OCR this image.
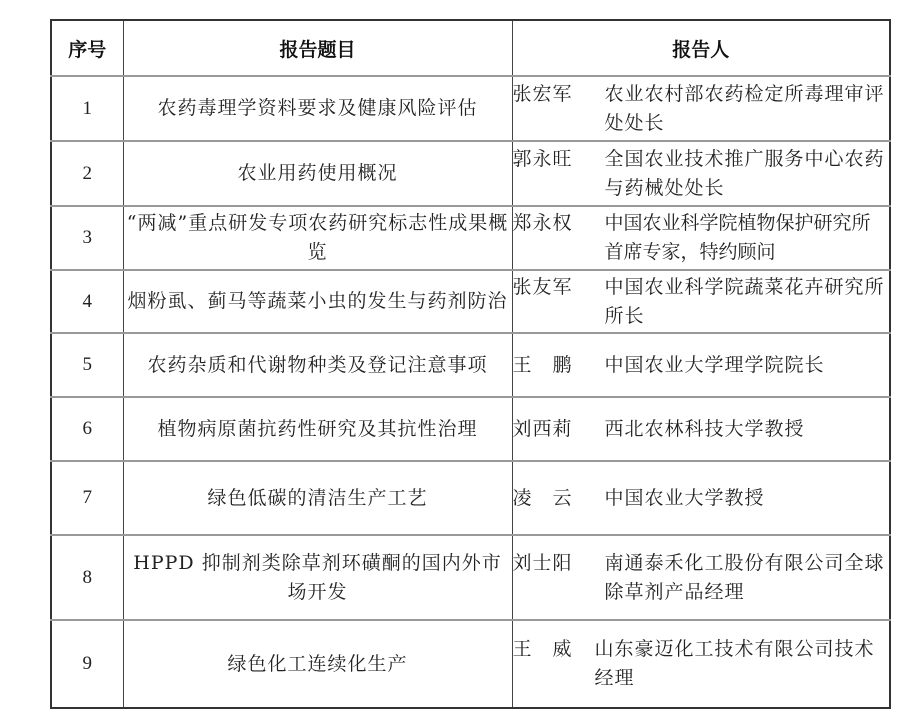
序号	报告题目	报告人
1	农药毒理学资料要求及健康风险评估	张宏军 农业农村部农药检定所毒理审评处处长

2	农业用药使用概况	郭永旺 全国农业技术推广服务中心农药与药械处处长

3	“两减”重点研发专项农药研究标志性成果概览	郑永权 中国农业科学院植物保护研究所首席专家，特约顾问

4	烟粉虱、蓟马等蔬菜小虫的发生与药剂防治	张友军 中国农业科学院蔬菜花卉研究所所长

5	农药杂质和代谢物种类及登记注意事项	王　鹏 中国农业大学理学院院长

6	植物病原菌抗药性研究及其抗性治理	刘西莉 西北农林科技大学教授

7	绿色低碳的清洁生产工艺	凌　云 中国农业大学教授

8	HPPD 抑制剂类除草剂环磺酮的国内外市场开发	刘士阳 南通泰禾化工股份有限公司全球除草剂产品经理

9	绿色化工连续化生产	王　威 山东豪迈化工技术有限公司技术经理
